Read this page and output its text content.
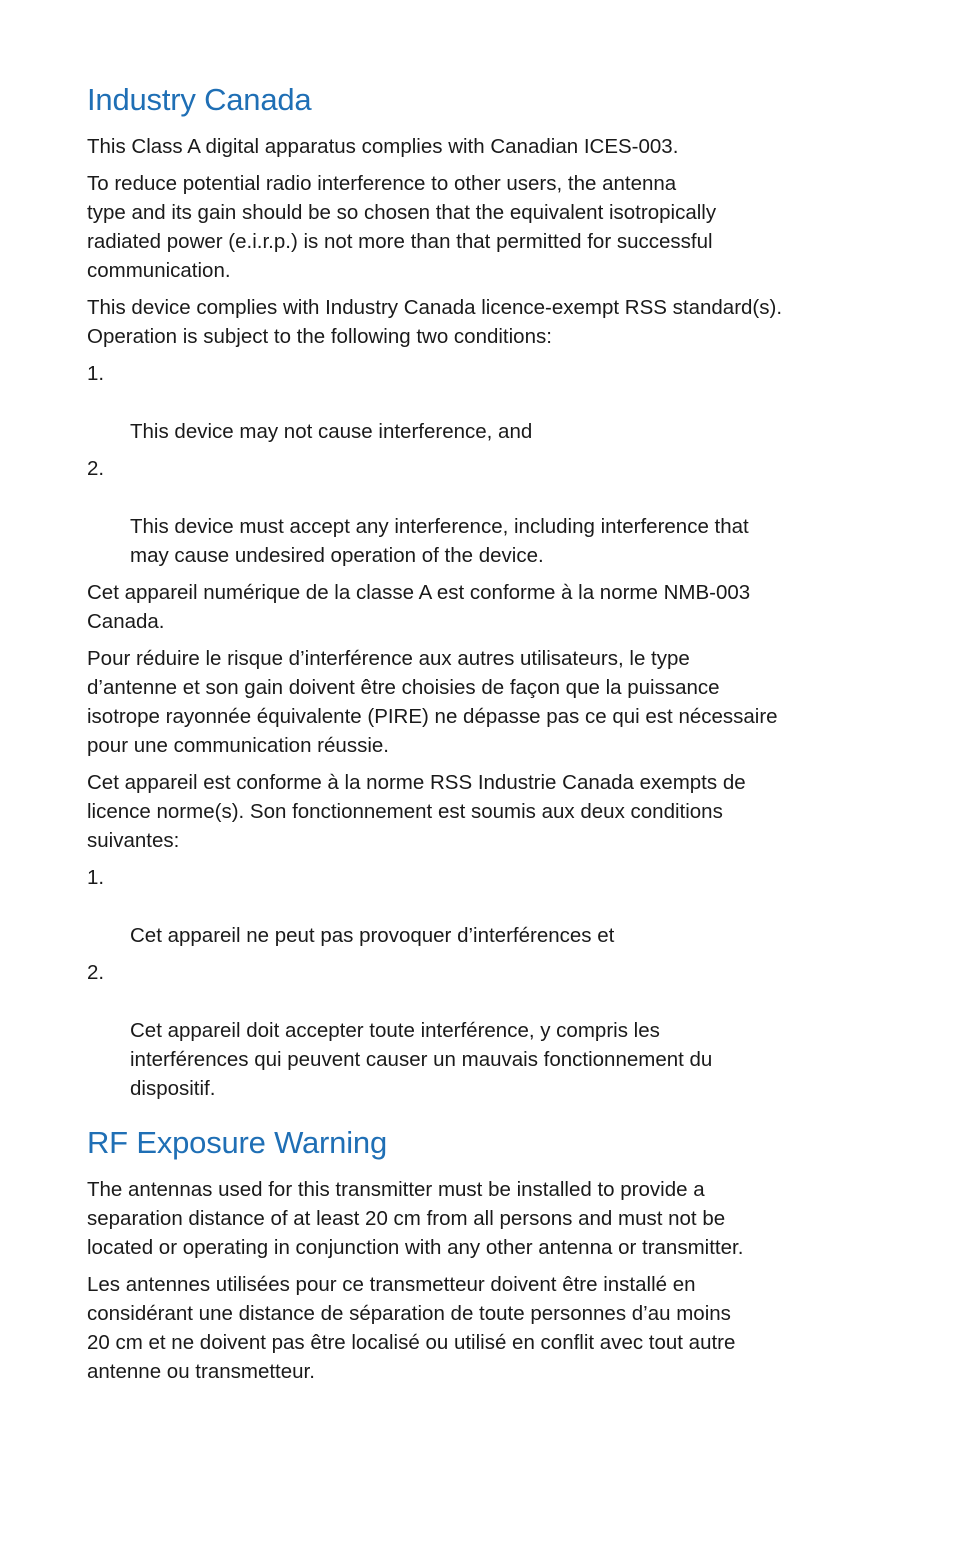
Industry Canada

This Class A digital apparatus complies with Canadian ICES-003.

To reduce potential radio interference to other users, the antenna
type and its gain should be so chosen that the equivalent isotropically
radiated power (e.i.r.p.) is not more than that permitted for successful
communication.

This device complies with Industry Canada licence-exempt RSS standard(s).
Operation is subject to the following two conditions:

1.

This device may not cause interference, and

2.

This device must accept any interference, including interference that
may cause undesired operation of the device.

Cet appareil numérique de la classe A est conforme à la norme NMB-003
Canada.

Pour réduire le risque d’interférence aux autres utilisateurs, le type
d’antenne et son gain doivent être choisies de façon que la puissance
isotrope rayonnée équivalente (PIRE) ne dépasse pas ce qui est nécessaire
pour une communication réussie.

Cet appareil est conforme à la norme RSS Industrie Canada exempts de
licence norme(s). Son fonctionnement est soumis aux deux conditions
suivantes:

1.

Cet appareil ne peut pas provoquer d’interférences et

2.

Cet appareil doit accepter toute interférence, y compris les
interférences qui peuvent causer un mauvais fonctionnement du
dispositif.

RF Exposure Warning

The antennas used for this transmitter must be installed to provide a
separation distance of at least 20 cm from all persons and must not be
located or operating in conjunction with any other antenna or transmitter.

Les antennes utilisées pour ce transmetteur doivent être installé en
considérant une distance de séparation de toute personnes d’au moins
20 cm et ne doivent pas être localisé ou utilisé en conflit avec tout autre
antenne ou transmetteur.
